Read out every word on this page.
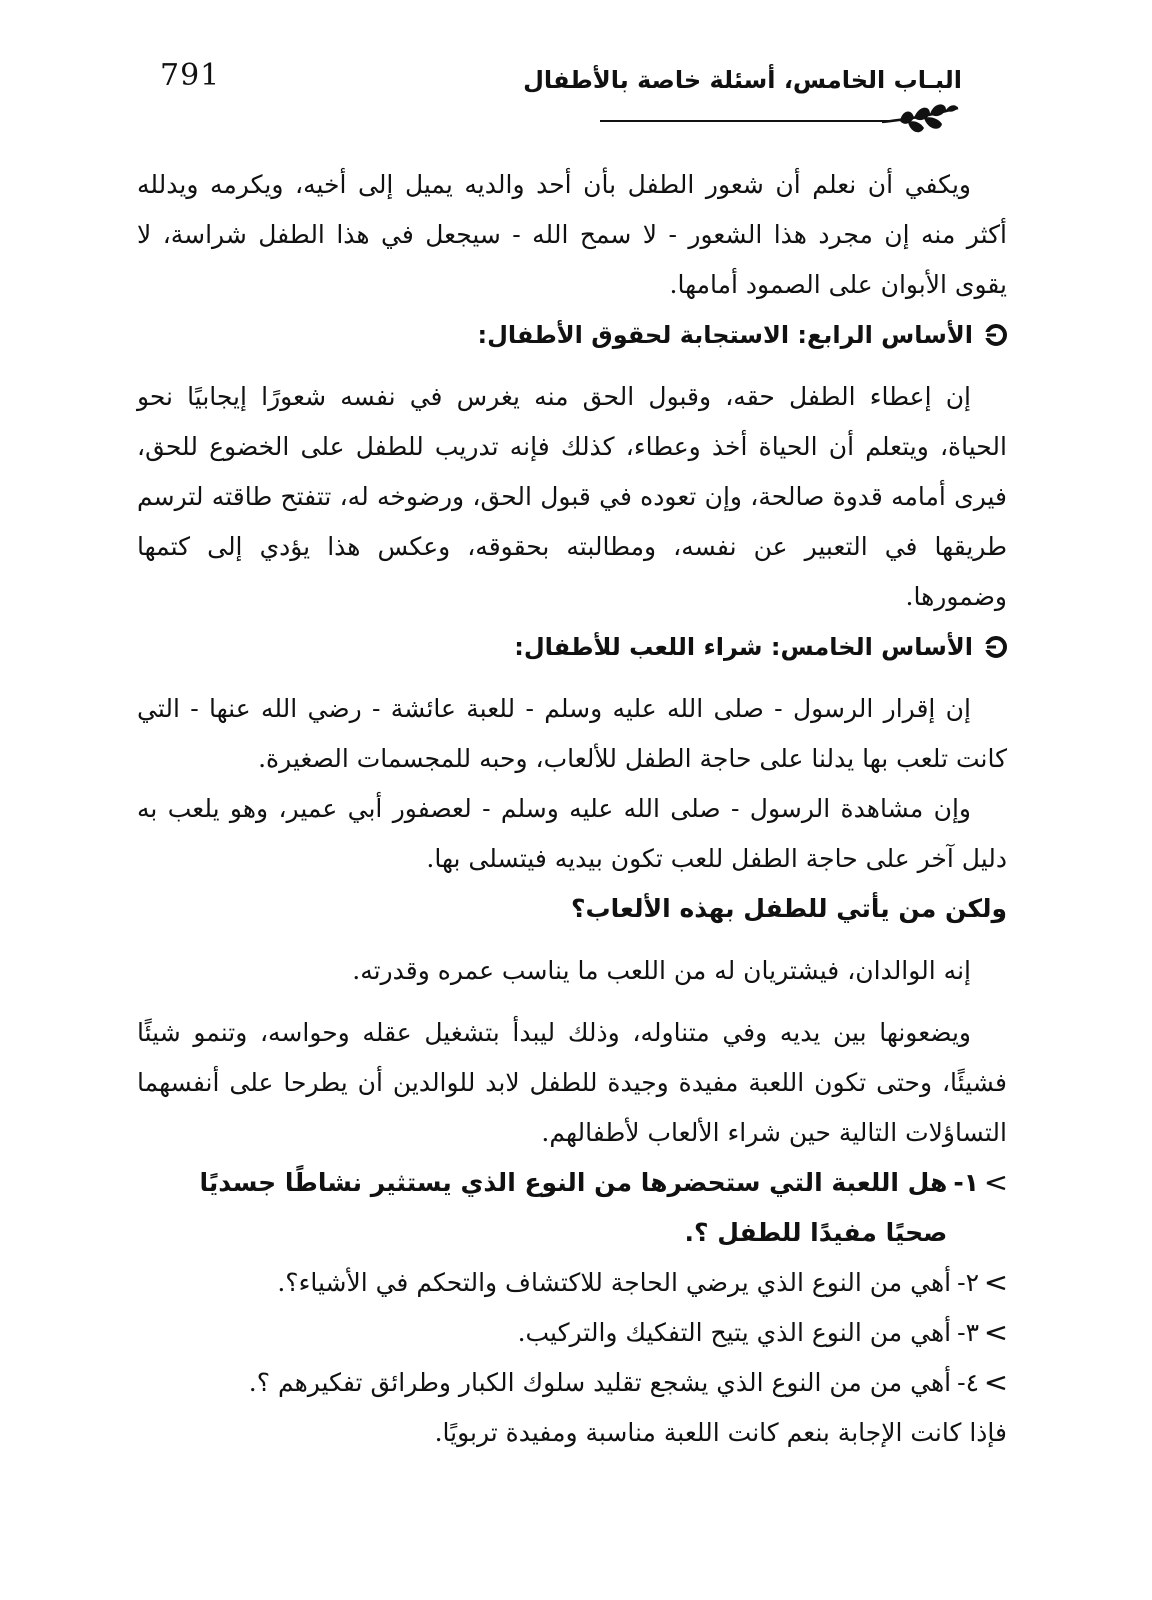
791	البـاب الخامس، أسئلة خاصة بالأطفال

ويكفي أن نعلم أن شعور الطفل بأن أحد والديه يميل إلى أخيه، ويكرمه ويدلله أكثر منه إن مجرد هذا الشعور - لا سمح الله - سيجعل في هذا الطفل شراسة، لا يقوى الأبوان على الصمود أمامها.

الأساس الرابع: الاستجابة لحقوق الأطفال:

إن إعطاء الطفل حقه، وقبول الحق منه يغرس في نفسه شعورًا إيجابيًا نحو الحياة، ويتعلم أن الحياة أخذ وعطاء، كذلك فإنه تدريب للطفل على الخضوع للحق، فيرى أمامه قدوة صالحة، وإن تعوده في قبول الحق، ورضوخه له، تتفتح طاقته لترسم طريقها في التعبير عن نفسه، ومطالبته بحقوقه، وعكس هذا يؤدي إلى كتمها وضمورها.

الأساس الخامس: شراء اللعب للأطفال:

إن إقرار الرسول - صلى الله عليه وسلم - للعبة عائشة - رضي الله عنها - التي كانت تلعب بها يدلنا على حاجة الطفل للألعاب، وحبه للمجسمات الصغيرة.

وإن مشاهدة الرسول - صلى الله عليه وسلم - لعصفور أبي عمير، وهو يلعب به دليل آخر على حاجة الطفل للعب تكون بيديه فيتسلى بها.

ولكن من يأتي للطفل بهذه الألعاب؟

إنه الوالدان، فيشتريان له من اللعب ما يناسب عمره وقدرته.

ويضعونها بين يديه وفي متناوله، وذلك ليبدأ بتشغيل عقله وحواسه، وتنمو شيئًا فشيئًا، وحتى تكون اللعبة مفيدة وجيدة للطفل لابد للوالدين أن يطرحا على أنفسهما التساؤلات التالية حين شراء الألعاب لأطفالهم.

١-
هل اللعبة التي ستحضرها من النوع الذي يستثير نشاطًا جسديًا صحيًا مفيدًا للطفل ؟.
٢-
أهي من النوع الذي يرضي الحاجة للاكتشاف والتحكم في الأشياء؟.
٣-
أهي من النوع الذي يتيح التفكيك والتركيب.
٤-
أهي من من النوع الذي يشجع تقليد سلوك الكبار وطرائق تفكيرهم ؟.

فإذا كانت الإجابة بنعم كانت اللعبة مناسبة ومفيدة تربويًا.
